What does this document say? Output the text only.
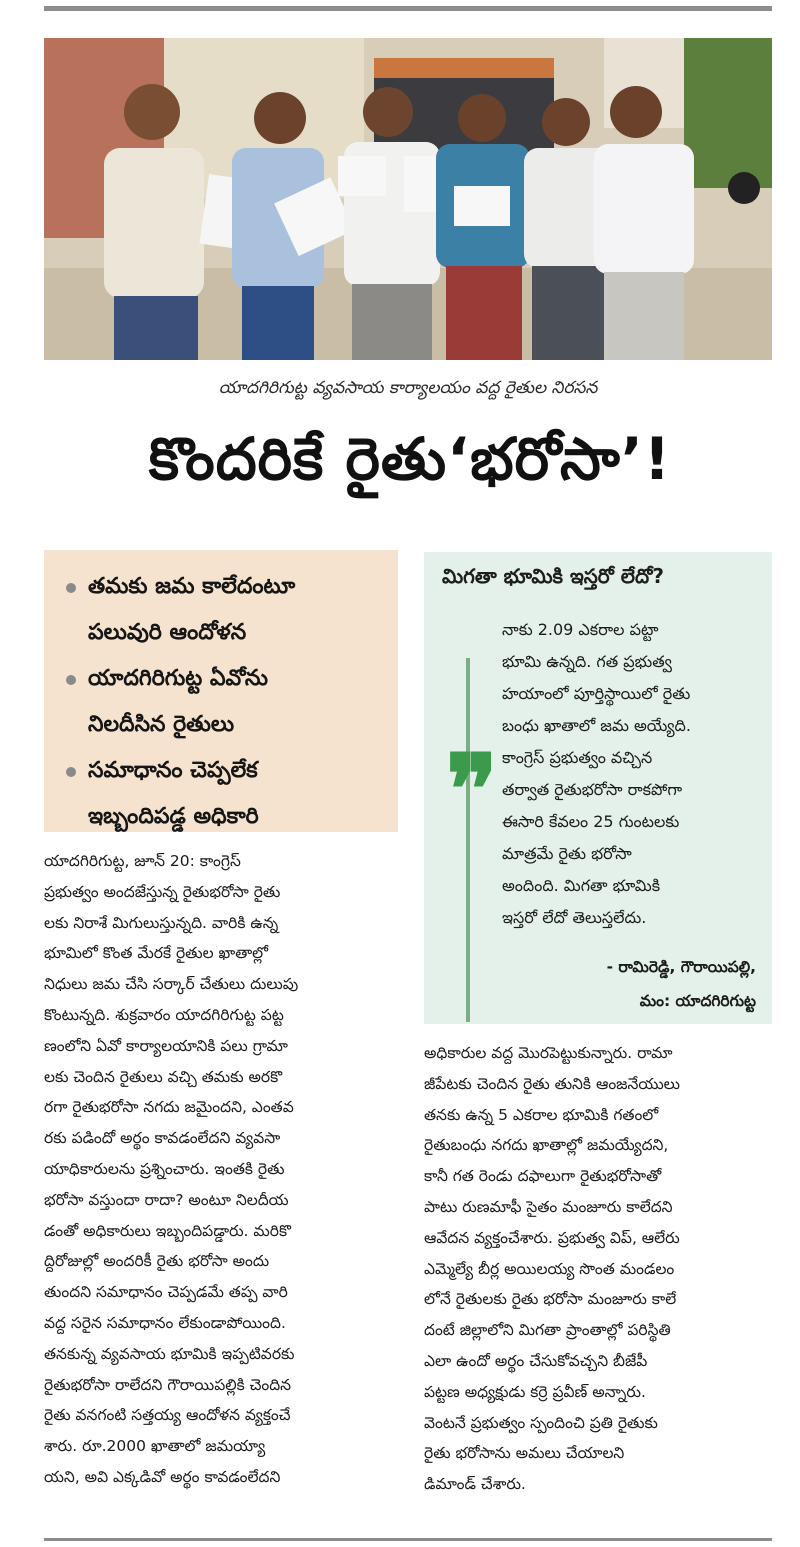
యాదగిరిగుట్ట వ్యవసాయ కార్యాలయం వద్ద రైతుల నిరసన
కొందరికే రైతు‘భరోసా’!
తమకు జమ కాలేదంటూ
పలువురి ఆందోళన
యాదగిరిగుట్ట ఏవోను
నిలదీసిన రైతులు
సమాధానం చెప్పలేక
ఇబ్బందిపడ్డ అధికారి
మిగతా భూమికి ఇస్తరో లేదో?
❞

నాకు 2.09 ఎకరాల పట్టా

భూమి ఉన్నది. గత ప్రభుత్వ

హయాంలో పూర్తిస్థాయిలో రైతు

బంధు ఖాతాలో జమ అయ్యేది.

కాంగ్రెస్ ప్రభుత్వం వచ్చిన

తర్వాత రైతుభరోసా రాకపోగా

ఈసారి కేవలం 25 గుంటలకు

మాత్రమే రైతు భరోసా

అందింది. మిగతా భూమికి

ఇస్తరో లేదో తెలుస్తలేదు.

- రామిరెడ్డి, గౌరాయిపల్లి,

మం: యాదగిరిగుట్ట

యాదగిరిగుట్ట, జూన్ 20: కాంగ్రెస్

ప్రభుత్వం అందజేస్తున్న రైతుభరోసా రైతు

లకు నిరాశే మిగులుస్తున్నది. వారికి ఉన్న

భూమిలో కొంత మేరకే రైతుల ఖాతాల్లో

నిధులు జమ చేసి సర్కార్ చేతులు దులుపు

కొంటున్నది. శుక్రవారం యాదగిరిగుట్ట పట్ట

ణంలోని ఏవో కార్యాలయానికి పలు గ్రామా

లకు చెందిన రైతులు వచ్చి తమకు అరకొ

రగా రైతుభరోసా నగదు జమైందని, ఎంతవ

రకు పడిందో అర్థం కావడంలేదని వ్యవసా

యాధికారులను ప్రశ్నించారు. ఇంతకి రైతు

భరోసా వస్తుందా రాదా? అంటూ నిలదీయ

డంతో అధికారులు ఇబ్బందిపడ్డారు. మరికొ

ద్దిరోజుల్లో అందరికీ రైతు భరోసా అందు

తుందని సమాధానం చెప్పడమే తప్ప వారి

వద్ద సరైన సమాధానం లేకుండాపోయింది.

తనకున్న వ్యవసాయ భూమికి ఇప్పటివరకు

రైతుభరోసా రాలేదని గౌరాయిపల్లికి చెందిన

రైతు వనగంటి సత్తయ్య ఆందోళన వ్యక్తంచే

శారు. రూ.2000 ఖాతాలో జమయ్యా

యని, అవి ఎక్కడివో అర్థం కావడంలేదని

అధికారుల వద్ద మొరపెట్టుకున్నారు. రామా

జీపేటకు చెందిన రైతు తునికి ఆంజనేయులు

తనకు ఉన్న 5 ఎకరాల భూమికి గతంలో

రైతుబంధు నగదు ఖాతాల్లో జమయ్యేదని,

కానీ గత రెండు దఫాలుగా రైతుభరోసాతో

పాటు రుణమాఫీ సైతం మంజూరు కాలేదని

ఆవేదన వ్యక్తంచేశారు. ప్రభుత్వ విప్, ఆలేరు

ఎమ్మెల్యే బీర్ల అయిలయ్య సొంత మండలం

లోనే రైతులకు రైతు భరోసా మంజూరు కాలే

దంటే జిల్లాలోని మిగతా ప్రాంతాల్లో పరిస్థితి

ఎలా ఉందో అర్థం చేసుకోవచ్చని బీజేపీ

పట్టణ అధ్యక్షుడు కర్రె ప్రవీణ్ అన్నారు.

వెంటనే ప్రభుత్వం స్పందించి ప్రతి రైతుకు

రైతు భరోసాను అమలు చేయాలని

డిమాండ్ చేశారు.
